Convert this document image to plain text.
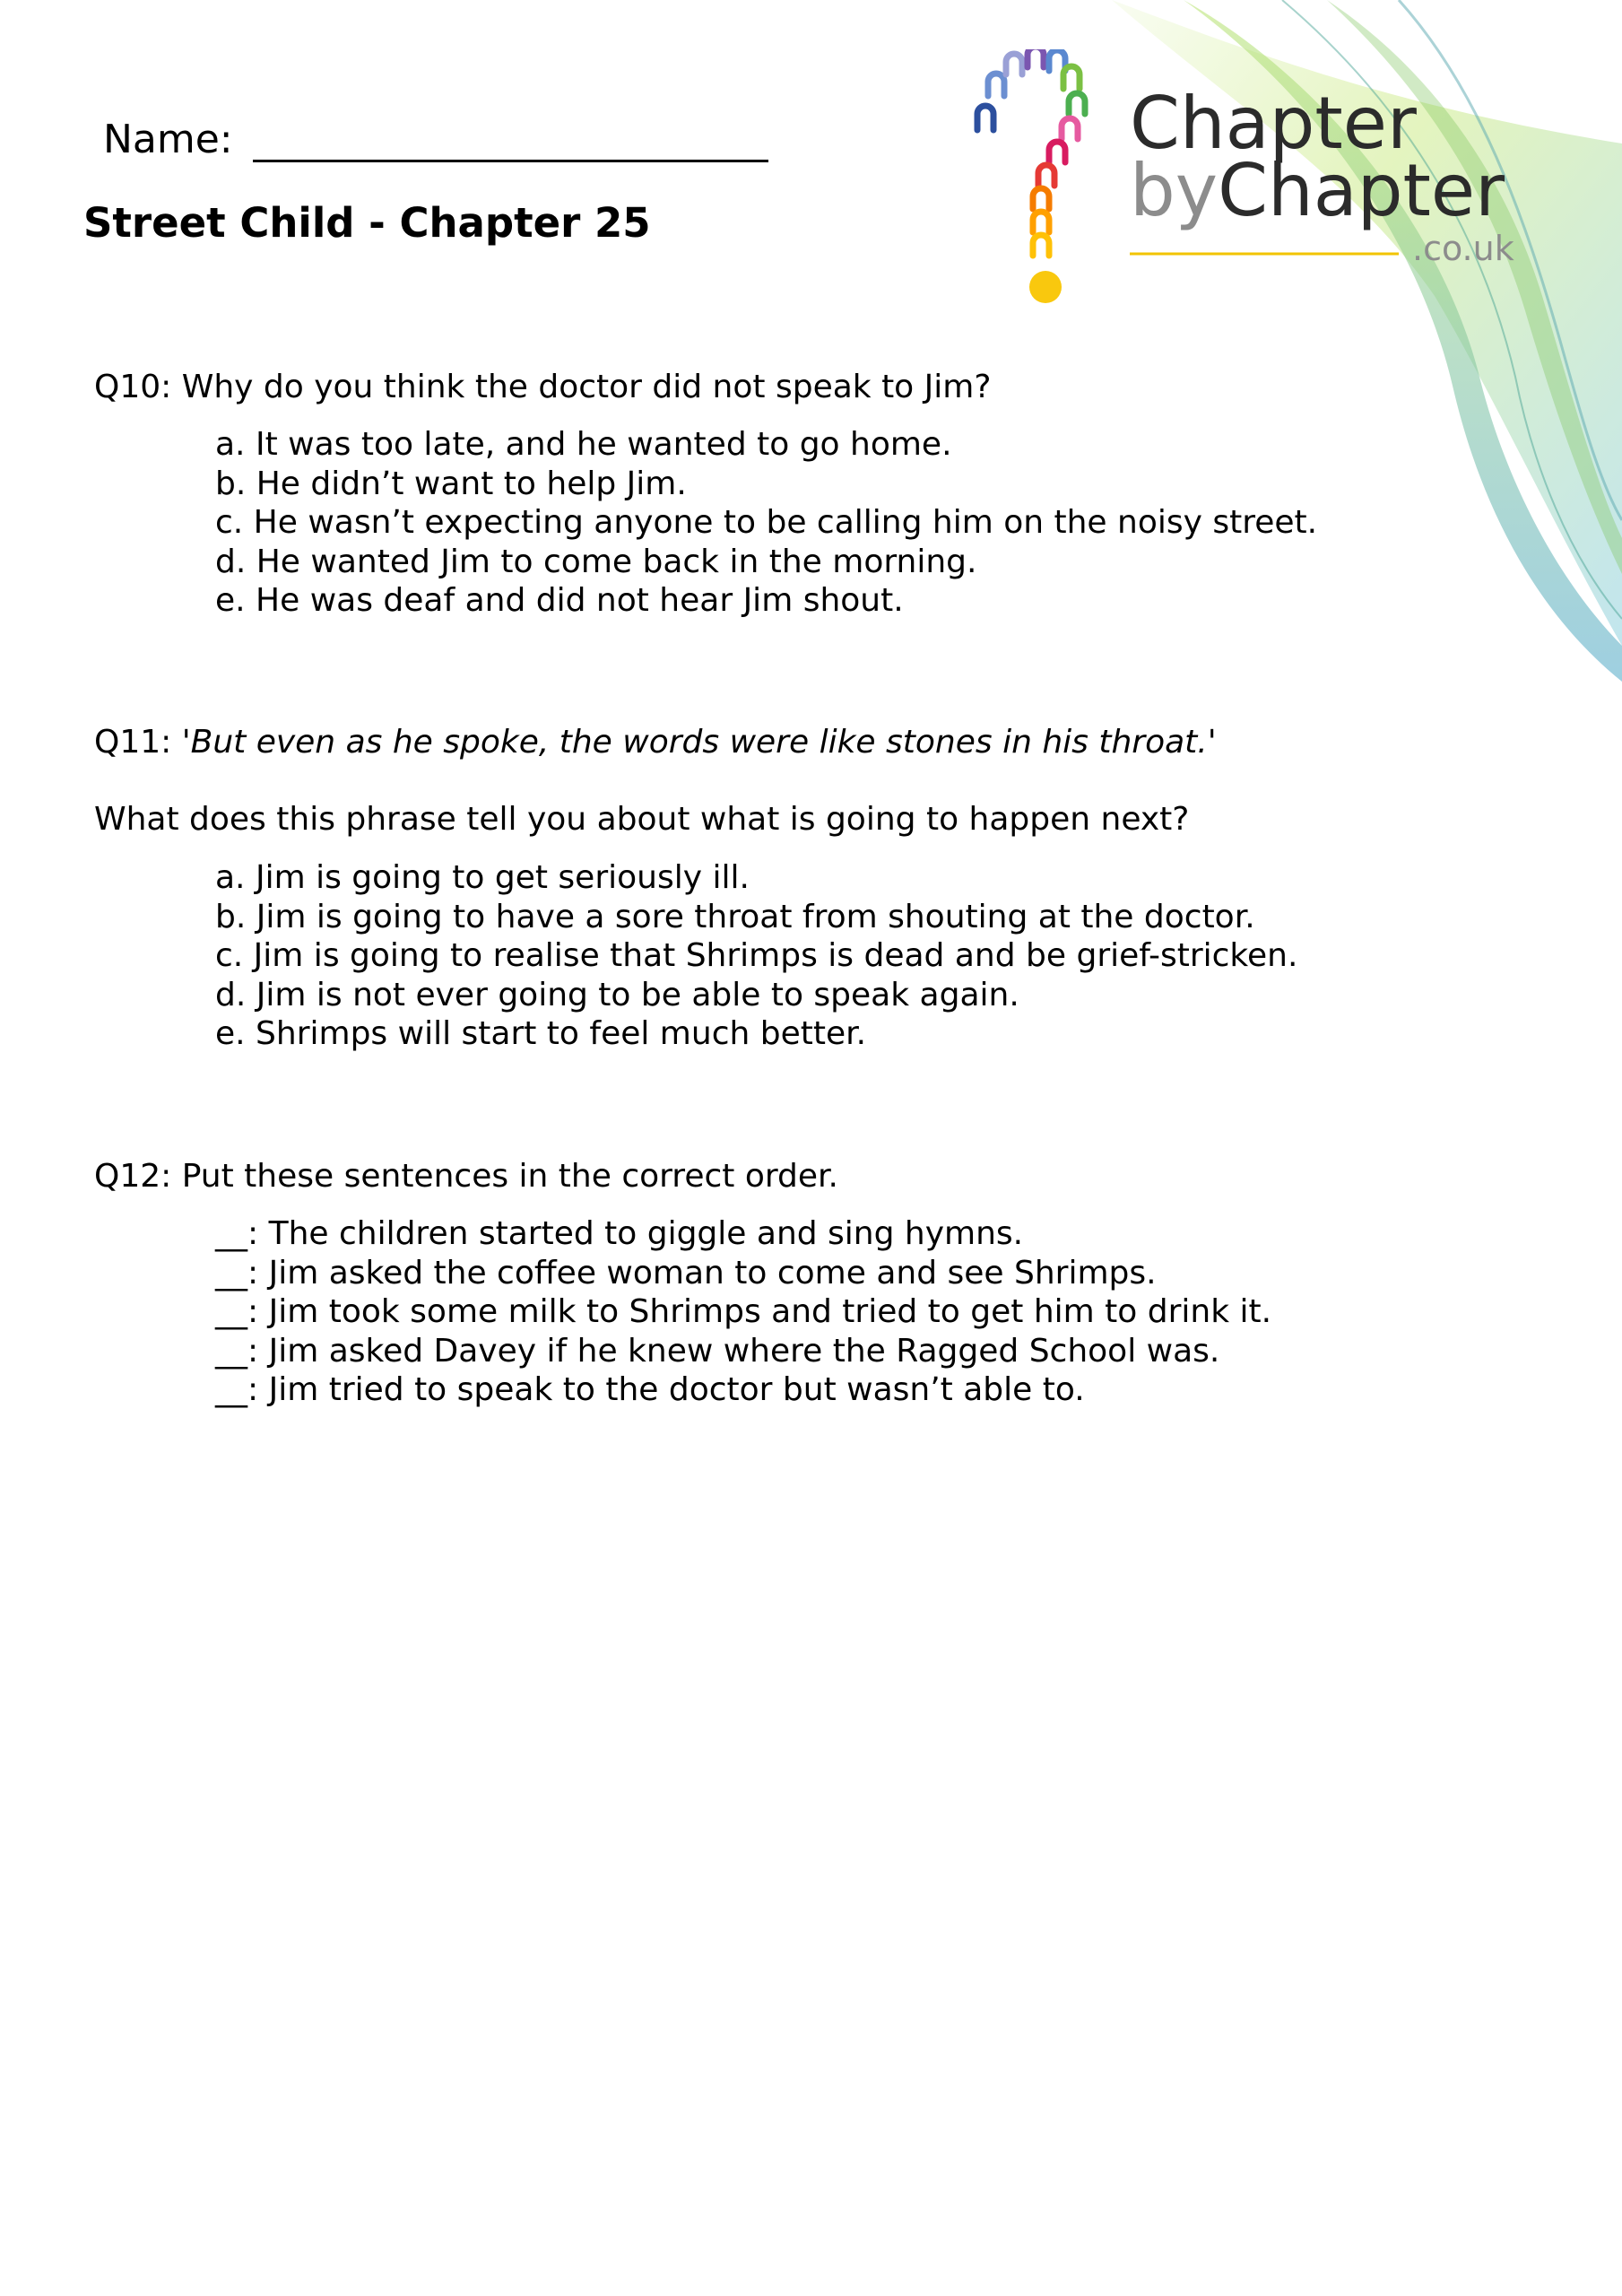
Chapter
byChapter
.co.uk
Name:
Street Child - Chapter 25

Q10: Why do you think the doctor did not speak to Jim?

a. It was too late, and he wanted to go home.
b. He didn’t want to help Jim.
c. He wasn’t expecting anyone to be calling him on the noisy street.
d. He wanted Jim to come back in the morning.
e. He was deaf and did not hear Jim shout.

Q11: 'But even as he spoke, the words were like stones in his throat.'

What does this phrase tell you about what is going to happen next?

a. Jim is going to get seriously ill.
b. Jim is going to have a sore throat from shouting at the doctor.
c. Jim is going to realise that Shrimps is dead and be grief-stricken.
d. Jim is not ever going to be able to speak again.
e. Shrimps will start to feel much better.

Q12: Put these sentences in the correct order.

__: The children started to giggle and sing hymns.
__: Jim asked the coffee woman to come and see Shrimps.
__: Jim took some milk to Shrimps and tried to get him to drink it.
__: Jim asked Davey if he knew where the Ragged School was.
__: Jim tried to speak to the doctor but wasn’t able to.
